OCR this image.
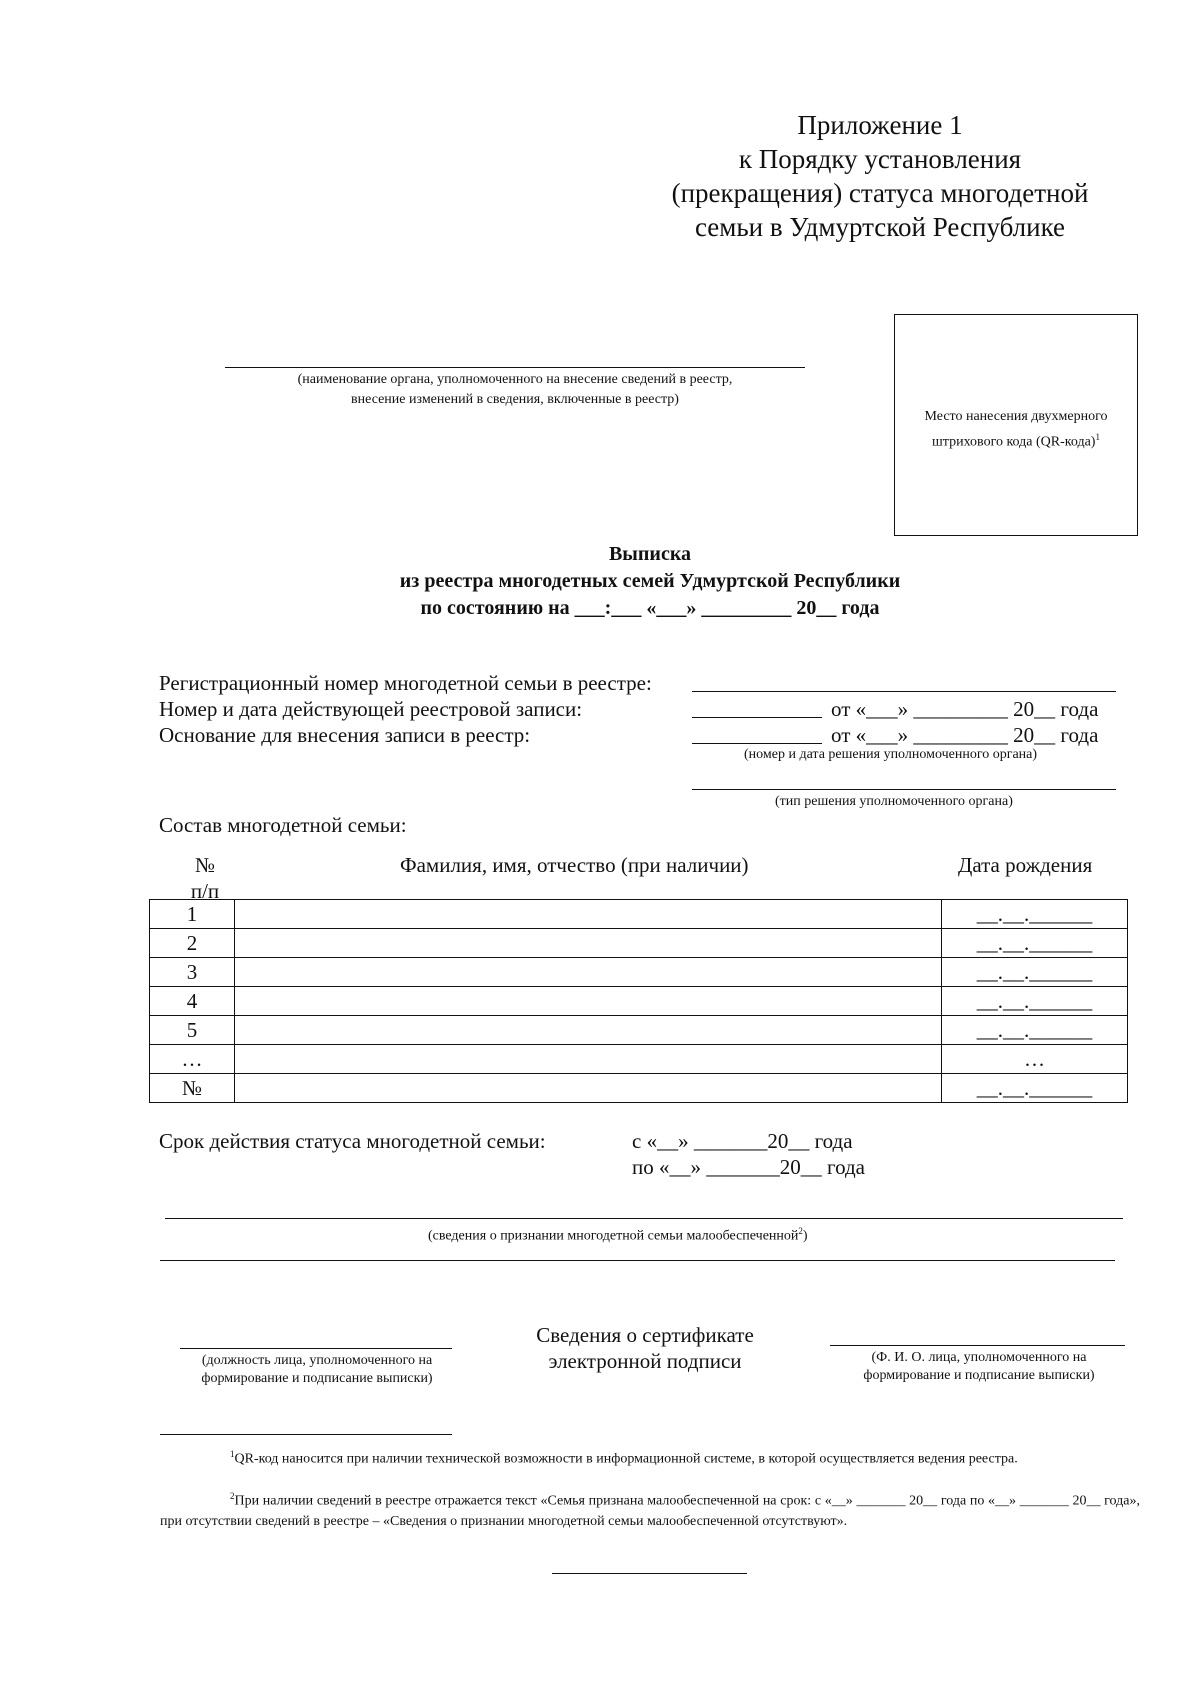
Приложение 1
к Порядку установления
(прекращения) статуса многодетной
семьи в Удмуртской Республике
(наименование органа, уполномоченного на внесение сведений в реестр,
внесение изменений в сведения, включенные в реестр)
Место нанесения двухмерного
штрихового кода (QR-кода)$^1$
Выписка
из реестра многодетных семей Удмуртской Республики
по состоянию на ___:___ «___» _________ 20__ года
Регистрационный номер многодетной семьи в реестре:
Номер и дата действующей реестровой записи:	от «___» _________ 20__ года
Основание для внесения записи в реестр:	от «___» _________ 20__ года
(номер и дата решения уполномоченного органа)
(тип решения уполномоченного органа)
Состав многодетной семьи:
№
п/п
Фамилия, имя, отчество (при наличии)	Дата рождения
1		__.__.______
2		__.__.______
3		__.__.______
4		__.__.______
5		__.__.______
…		…
№		__.__.______
Срок действия статуса многодетной семьи:	с «__» _______20__ года
по «__» _______20__ года
(сведения о признании многодетной семьи малообеспеченной$^2$)
(должность лица, уполномоченного на
формирование и подписание выписки)
Сведения о сертификате
электронной подписи	(Ф. И. О. лица, уполномоченного на
формирование и подписание выписки)
$^1$QR-код наносится при наличии технической возможности в информационной системе, в которой осуществляется ведения реестра.
$^2$При наличии сведений в реестре отражается текст «Семья признана малообеспеченной на срок: с «__» _______ 20__ года по «__» _______ 20__ года», при отсутствии сведений в реестре – «Сведения о признании многодетной семьи малообеспеченной отсутствуют».
